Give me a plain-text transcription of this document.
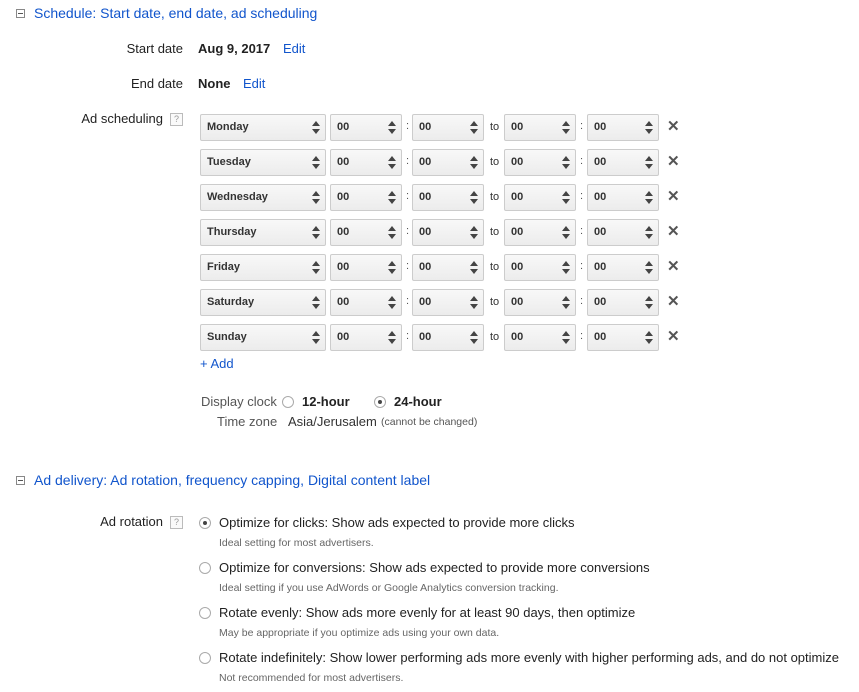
Schedule: Start date, end date, ad scheduling
Start date Aug 9, 2017 Edit
End date None Edit
Ad scheduling	?
Monday	00	: 00	to	00	: 00	✕
Tuesday	00	: 00	to	00	: 00	✕
Wednesday	00	: 00	to	00	: 00	✕
Thursday	00	: 00	to	00	: 00	✕
Friday	00	: 00	to	00	: 00	✕
Saturday	00	: 00	to	00	: 00	✕
Sunday	00	: 00	to	00	: 00	✕
+ Add
Display clock 12-hour	24-hour
Time zone Asia/Jerusalem (cannot be changed)
Ad delivery: Ad rotation, frequency capping, Digital content label
Ad rotation	?	Optimize for clicks: Show ads expected to provide more clicks
Ideal setting for most advertisers.
Optimize for conversions: Show ads expected to provide more conversions
Ideal setting if you use AdWords or Google Analytics conversion tracking.
Rotate evenly: Show ads more evenly for at least 90 days, then optimize
May be appropriate if you optimize ads using your own data.
Rotate indefinitely: Show lower performing ads more evenly with higher performing ads, and do not optimize
Not recommended for most advertisers.
